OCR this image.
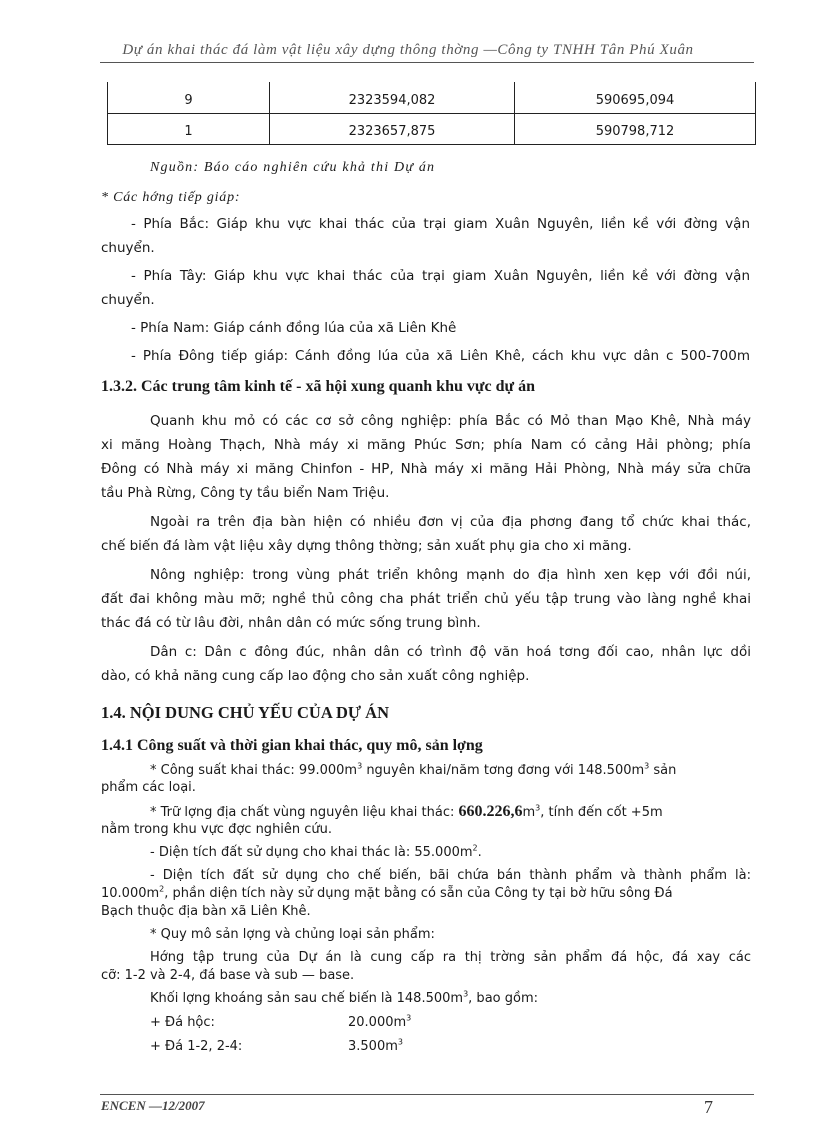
Dự án khai thác đá làm vật liệu xây dựng thông thờng —Công ty TNHH Tân Phú Xuân
9	2323594,082	590695,094
1	2323657,875	590798,712
Nguồn: Báo cáo nghiên cứu khả thi Dự án
* Các hớng tiếp giáp:
- Phía Bắc: Giáp khu vực khai thác của trại giam Xuân Nguyên, liền kề với đờng vận
chuyển.
- Phía Tây: Giáp khu vực khai thác của trại giam Xuân Nguyên, liền kề với đờng vận
chuyển.
- Phía Nam: Giáp cánh đồng lúa của xã Liên Khê
- Phía Đông tiếp giáp: Cánh đồng lúa của xã Liên Khê, cách khu vực dân c 500-700m
1.3.2. Các trung tâm kinh tế - xã hội xung quanh khu vực dự án
Quanh khu mỏ có các cơ sở công nghiệp: phía Bắc có Mỏ than Mạo Khê, Nhà máy
xi măng Hoàng Thạch, Nhà máy xi măng Phúc Sơn; phía Nam có cảng Hải phòng; phía
Đông có Nhà máy xi măng Chinfon - HP, Nhà máy xi măng Hải Phòng, Nhà máy sửa chữa
tầu Phà Rừng, Công ty tầu biển Nam Triệu.
Ngoài ra trên địa bàn hiện có nhiều đơn vị của địa phơng đang tổ chức khai thác,
chế biến đá làm vật liệu xây dựng thông thờng; sản xuất phụ gia cho xi măng.
Nông nghiệp: trong vùng phát triển không mạnh do địa hình xen kẹp với đồi núi,
đất đai không màu mỡ; nghề thủ công cha phát triển chủ yếu tập trung vào làng nghề khai
thác đá có từ lâu đời, nhân dân có mức sống trung bình.
Dân c: Dân c đông đúc, nhân dân có trình độ văn hoá tơng đối cao, nhân lực dồi
dào, có khả năng cung cấp lao động cho sản xuất công nghiệp.
1.4. NỘI DUNG CHỦ YẾU CỦA DỰ ÁN
1.4.1 Công suất và thời gian khai thác, quy mô, sản lợng
* Công suất khai thác: $99.000m^3$ nguyên khai/năm tơng đơng với $148.500m^3$ sản
phẩm các loại.
* Trữ lợng địa chất vùng nguyên liệu khai thác: $660.226,6m^3$, tính đến cốt +5m
nằm trong khu vực đợc nghiên cứu.
- Diện tích đất sử dụng cho khai thác là: $55.000m^2$.
- Diện tích đất sử dụng cho chế biến, bãi chứa bán thành phẩm và thành phẩm là:
$10.000m^2$, phần diện tích này sử dụng mặt bằng có sẵn của Công ty tại bờ hữu sông Đá
Bạch thuộc địa bàn xã Liên Khê.
* Quy mô sản lợng và chủng loại sản phẩm:
Hớng tập trung của Dự án là cung cấp ra thị trờng sản phẩm đá hộc, đá xay các
cỡ: 1-2 và 2-4, đá base và sub — base.
Khối lợng khoáng sản sau chế biến là $148.500m^3$, bao gồm:
+ Đá hộc:	$20.000m^3$
+ Đá 1-2, 2-4:	$3.500m^3$
ENCEN —12/2007	7
